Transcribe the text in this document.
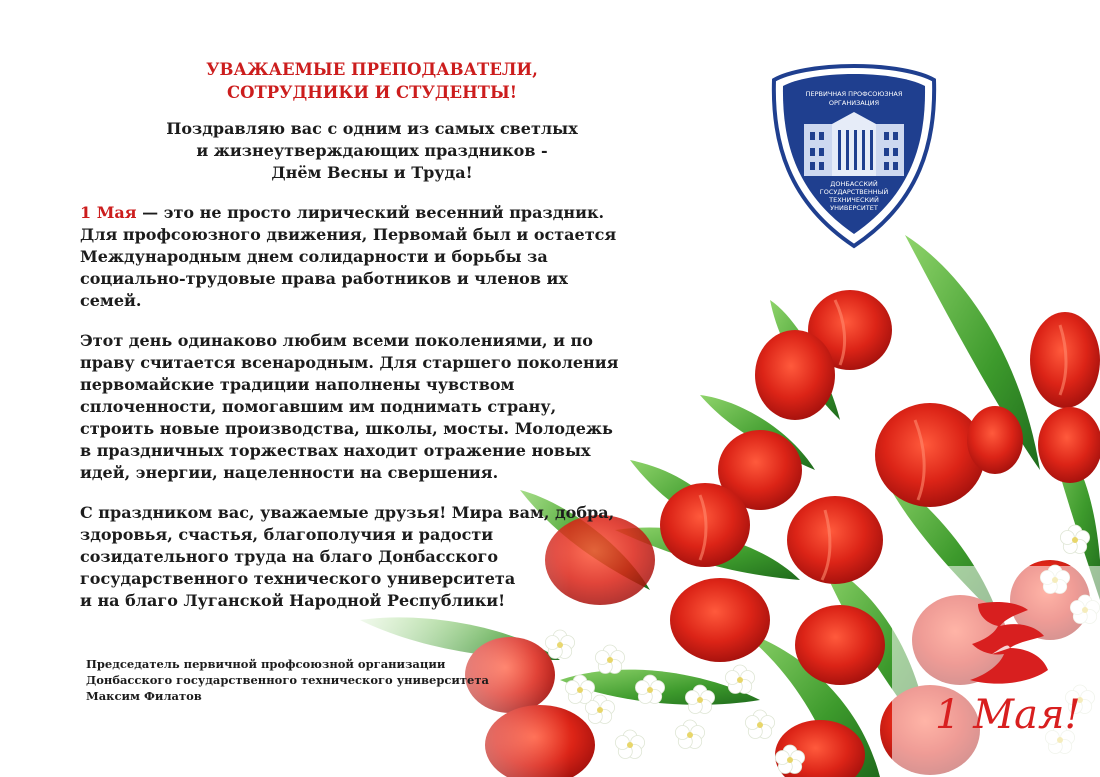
ПЕРВИЧНАЯ ПРОФСОЮЗНАЯ
ОРГАНИЗАЦИЯ
ДОНБАССКИЙ
ГОСУДАРСТВЕННЫЙ
ТЕХНИЧЕСКИЙ
УНИВЕРСИТЕТ
УВАЖАЕМЫЕ ПРЕПОДАВАТЕЛИ,
СОТРУДНИКИ И СТУДЕНТЫ!
Поздравляю вас с одним из самых светлых
и жизнеутверждающих праздников -
Днём Весны и Труда!
1 Мая — это не просто лирический весенний праздник.
Для профсоюзного движения, Первомай был и остается
Международным днем солидарности и борьбы за
социально-трудовые права работников и членов их
семей.
Этот день одинаково любим всеми поколениями, и по
праву считается всенародным. Для старшего поколения
первомайские традиции наполнены чувством
сплоченности, помогавшим им поднимать страну,
строить новые производства, школы, мосты. Молодежь
в праздничных торжествах находит отражение новых
идей, энергии, нацеленности на свершения.
С праздником вас, уважаемые друзья! Мира вам, добра,
здоровья, счастья, благополучия и радости
созидательного труда на благо Донбасского
государственного технического университета
и на благо Луганской Народной Республики!
Председатель первичной профсоюзной организации
Донбасского государственного технического университета
Максим Филатов	1 Мая!
